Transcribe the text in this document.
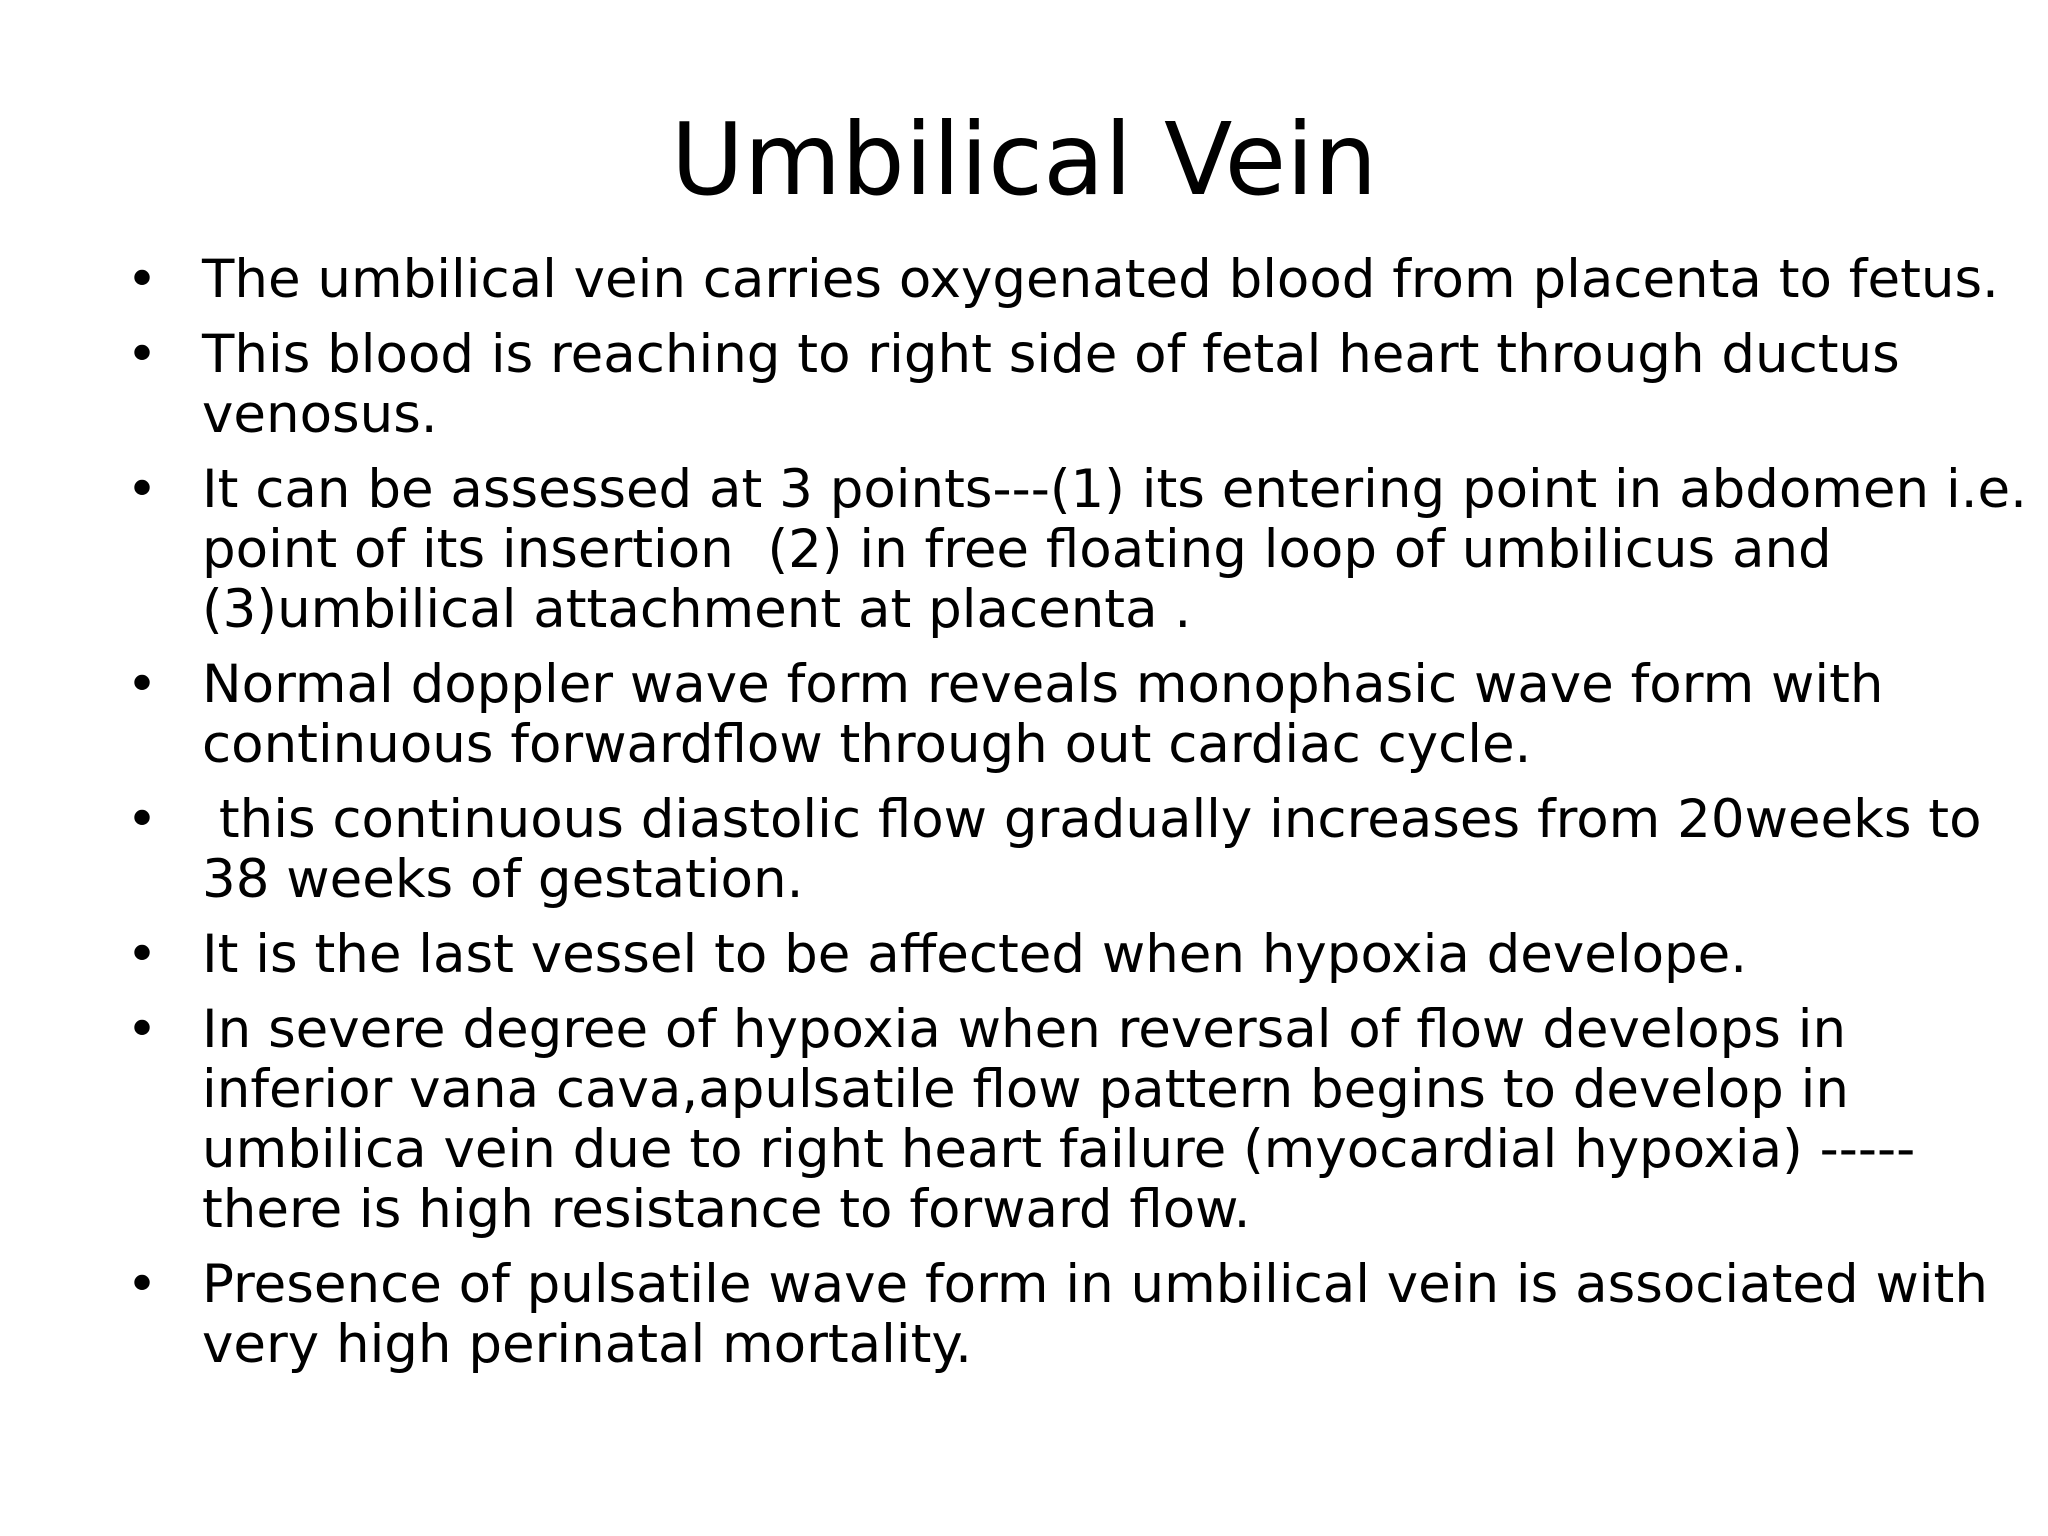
Umbilical Vein
• The umbilical vein carries oxygenated blood from placenta to fetus.
• This blood is reaching to right side of fetal heart through ductus
venosus.
• It can be assessed at 3 points---(1) its entering point in abdomen i.e.
point of its insertion  (2) in free floating loop of umbilicus and
(3)umbilical attachment at placenta .
• Normal doppler wave form reveals monophasic wave form with
continuous forwardflow through out cardiac cycle.
• this continuous diastolic flow gradually increases from 20weeks to
38 weeks of gestation.
• It is the last vessel to be affected when hypoxia develope.
• In severe degree of hypoxia when reversal of flow develops in
inferior vana cava,apulsatile flow pattern begins to develop in
umbilica vein due to right heart failure (myocardial hypoxia) -----
there is high resistance to forward flow.
• Presence of pulsatile wave form in umbilical vein is associated with
very high perinatal mortality.
